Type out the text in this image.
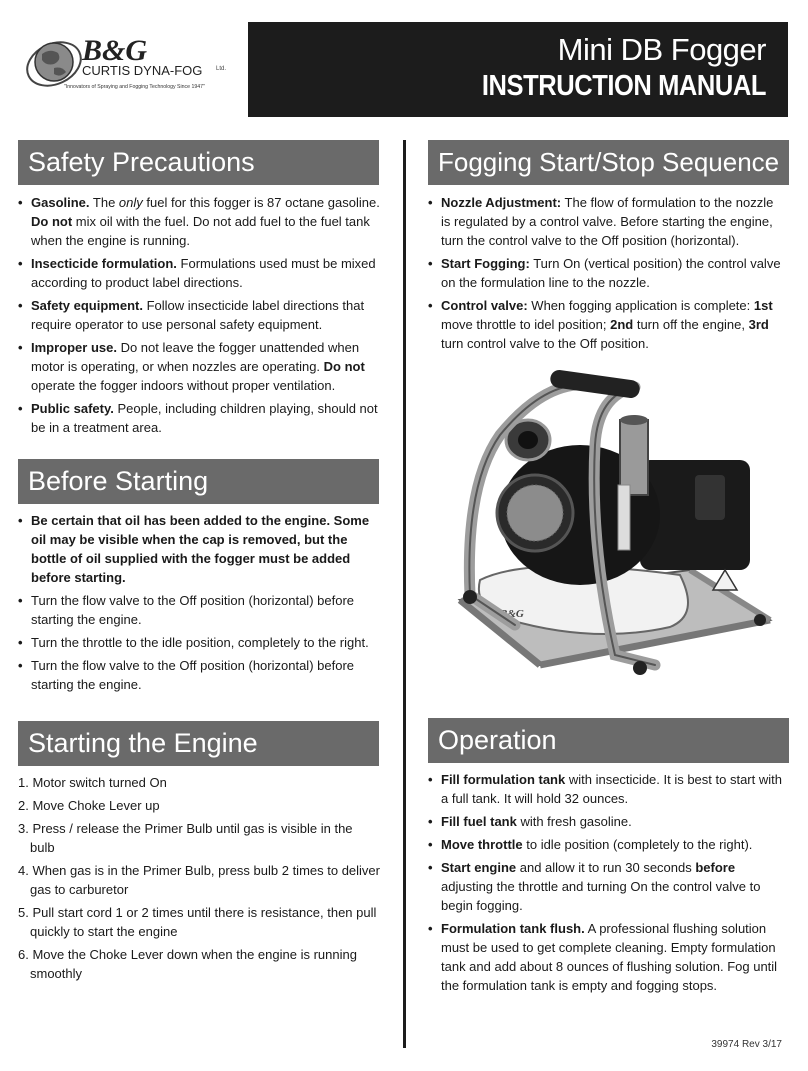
B&G
CURTIS DYNA-FOG Ltd.
"Innovators of Spraying and Fogging Technology Since 1947"
Mini DB Fogger
INSTRUCTION MANUAL
Safety Precautions
• Gasoline. The only fuel for this fogger is 87 octane gasoline. Do not mix oil with the fuel. Do not add fuel to the fuel tank when the engine is running.
• Insecticide formulation. Formulations used must be mixed according to product label directions.
• Safety equipment. Follow insecticide label directions that require operator to use personal safety equipment.
• Improper use. Do not leave the fogger unattended when motor is operating, or when nozzles are operating. Do not operate the fogger indoors without proper ventilation.
• Public safety. People, including children playing, should not be in a treatment area.
Before Starting
• Be certain that oil has been added to the engine. Some oil may be visible when the cap is removed, but the bottle of oil supplied with the fogger must be added before starting.
• Turn the flow valve to the Off position (horizontal) before starting the engine.
• Turn the throttle to the idle position, completely to the right.
• Turn the flow valve to the Off position (horizontal) before starting the engine.
Starting the Engine
1. Motor switch turned On
2. Move Choke Lever up
3. Press / release the Primer Bulb until gas is visible in the bulb
4. When gas is in the Primer Bulb, press bulb 2 times to deliver gas to carburetor
5. Pull start cord 1 or 2 times until there is resistance, then pull quickly to start the engine
6. Move the Choke Lever down when the engine is running smoothly
Fogging Start/Stop Sequence
• Nozzle Adjustment: The flow of formulation to the nozzle is regulated by a control valve. Before starting the engine, turn the control valve to the Off position (horizontal).
• Start Fogging: Turn On (vertical position) the control valve on the formulation line to the nozzle.
• Control valve: When fogging application is complete: 1st move throttle to idel position; 2nd turn off the engine, 3rd turn control valve to the Off position.
B&G
Operation
• Fill formulation tank with insecticide. It is best to start with a full tank. It will hold 32 ounces.
• Fill fuel tank with fresh gasoline.
• Move throttle to idle position (completely to the right).
• Start engine and allow it to run 30 seconds before adjusting the throttle and turning On the control valve to begin fogging.
• Formulation tank flush. A professional flushing solution must be used to get complete cleaning. Empty formulation tank and add about 8 ounces of flushing solution. Fog until the formulation tank is empty and fogging stops.
39974 Rev 3/17
